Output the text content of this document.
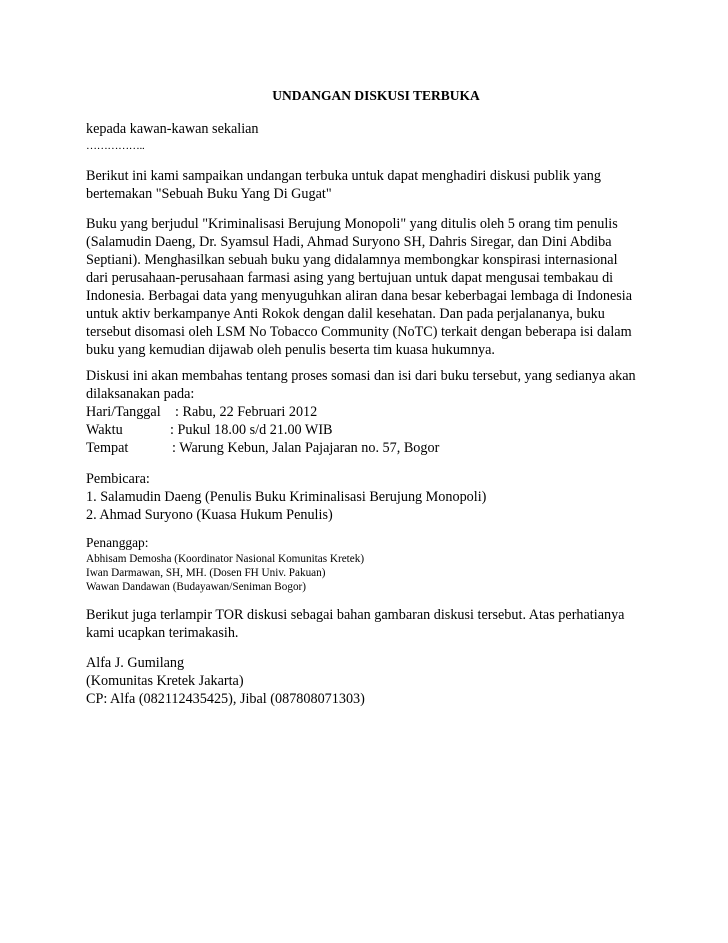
UNDANGAN DISKUSI TERBUKA
kepada kawan-kawan sekalian
……………..
Berikut ini kami sampaikan undangan terbuka untuk dapat menghadiri diskusi publik yang
bertemakan "Sebuah Buku Yang Di Gugat"
Buku yang berjudul "Kriminalisasi Berujung Monopoli" yang ditulis oleh 5 orang tim penulis
(Salamudin Daeng, Dr. Syamsul Hadi, Ahmad Suryono SH, Dahris Siregar, dan Dini Abdiba
Septiani). Menghasilkan sebuah buku yang didalamnya membongkar konspirasi internasional
dari perusahaan-perusahaan farmasi asing yang bertujuan untuk dapat mengusai tembakau di
Indonesia. Berbagai data yang menyuguhkan aliran dana besar keberbagai lembaga di Indonesia
untuk aktiv berkampanye Anti Rokok dengan dalil kesehatan. Dan pada perjalananya, buku
tersebut disomasi oleh LSM No Tobacco Community (NoTC) terkait dengan beberapa isi dalam
buku yang kemudian dijawab oleh penulis beserta tim kuasa hukumnya.
Diskusi ini akan membahas tentang proses somasi dan isi dari buku tersebut, yang sedianya akan
dilaksanakan pada:
Hari/Tanggal : Rabu, 22 Februari 2012
Waktu	: Pukul 18.00 s/d 21.00 WIB
Tempat	: Warung Kebun, Jalan Pajajaran no. 57, Bogor
Pembicara:
1. Salamudin Daeng (Penulis Buku Kriminalisasi Berujung Monopoli)
2. Ahmad Suryono (Kuasa Hukum Penulis)
Penanggap:
Abhisam Demosha (Koordinator Nasional Komunitas Kretek)
Iwan Darmawan, SH, MH. (Dosen FH Univ. Pakuan)
Wawan Dandawan (Budayawan/Seniman Bogor)
Berikut juga terlampir TOR diskusi sebagai bahan gambaran diskusi tersebut. Atas perhatianya
kami ucapkan terimakasih.
Alfa J. Gumilang
(Komunitas Kretek Jakarta)
CP: Alfa (082112435425), Jibal (087808071303)
